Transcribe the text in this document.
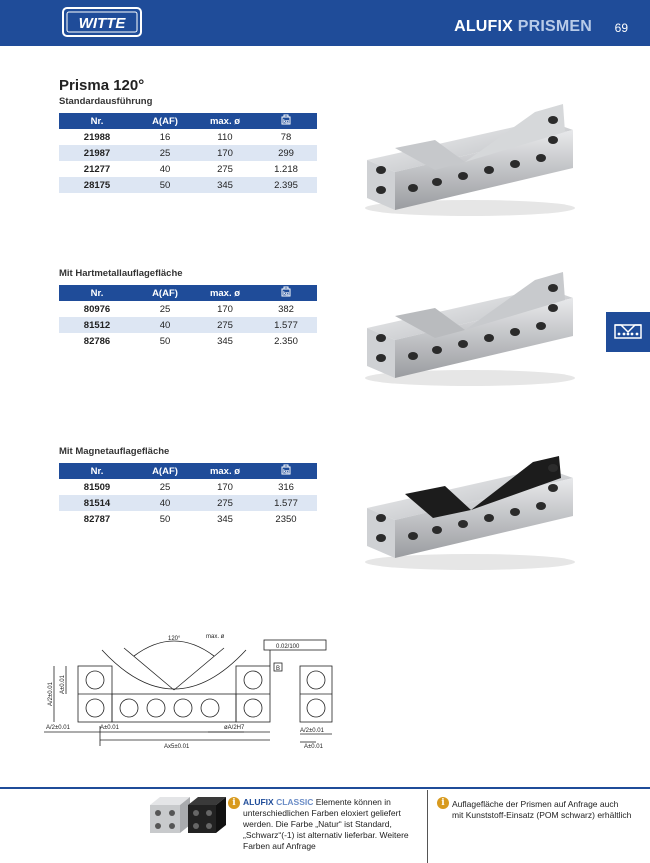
WITTE	ALUFIX PRISMEN 69
Prisma 120°
Standardausführung
Nr.	A(AF)	max. ø	kg

21988	16	110	78
21987	25	170	299
21277	40	275	1.218
28175	50	345	2.395
Mit Hartmetallauflagefläche
Nr.	A(AF)	max. ø	kg

80976	25	170	382
81512	40	275	1.577
82786	50	345	2.350
Mit Magnetauflagefläche
Nr.	A(AF)	max. ø	kg

81509	25	170	316
81514	40	275	1.577
82787	50	345	2350
120°	max. ø
0.02/100
B
A/2±0.01 A±0.01
A/2±0.01	A±0.01
Ax5±0.01
øA/2H7	A/2±0.01
A±0.01
i ALUFIX CLASSIC Elemente können in
unterschiedlichen Farben eloxiert geliefert
werden. Die Farbe „Natur“ ist Standard,
„Schwarz“(-1) ist alternativ lieferbar. Weitere
Farben auf Anfrage
i Auflagefläche der Prismen auf Anfrage auch
mit Kunststoff-Einsatz (POM schwarz) erhältlich
